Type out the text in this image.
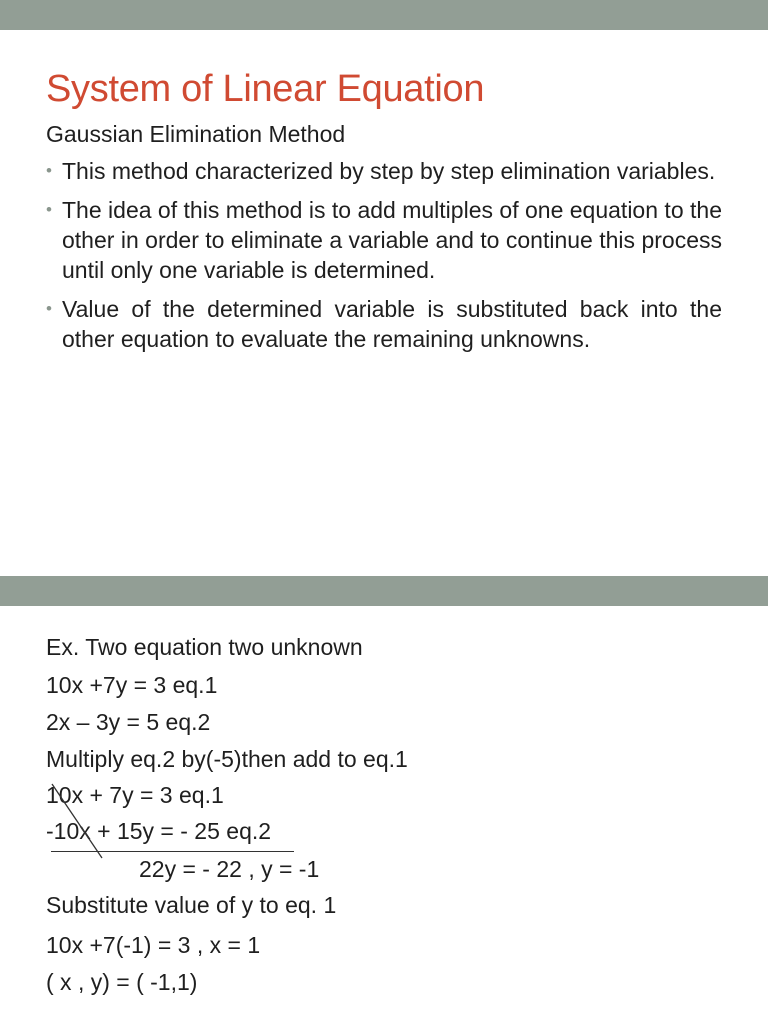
System of Linear Equation
Gaussian Elimination Method
• This method characterized by step by step elimination variables.
• The idea of this method is to add multiples of one equation to the other in order to eliminate a variable and to continue this process until only one variable is determined.
• Value of the determined variable is substituted back into the other equation to evaluate the remaining unknowns.
Ex. Two equation two unknown
10x +7y = 3 eq.1
2x – 3y = 5 eq.2
Multiply eq.2 by(-5)then add to eq.1
10x + 7y = 3 eq.1
-10x + 15y = - 25 eq.2
22y = - 22 , y = -1
Substitute value of y to eq. 1
10x +7(-1) = 3 , x = 1
( x , y) = ( -1,1)
